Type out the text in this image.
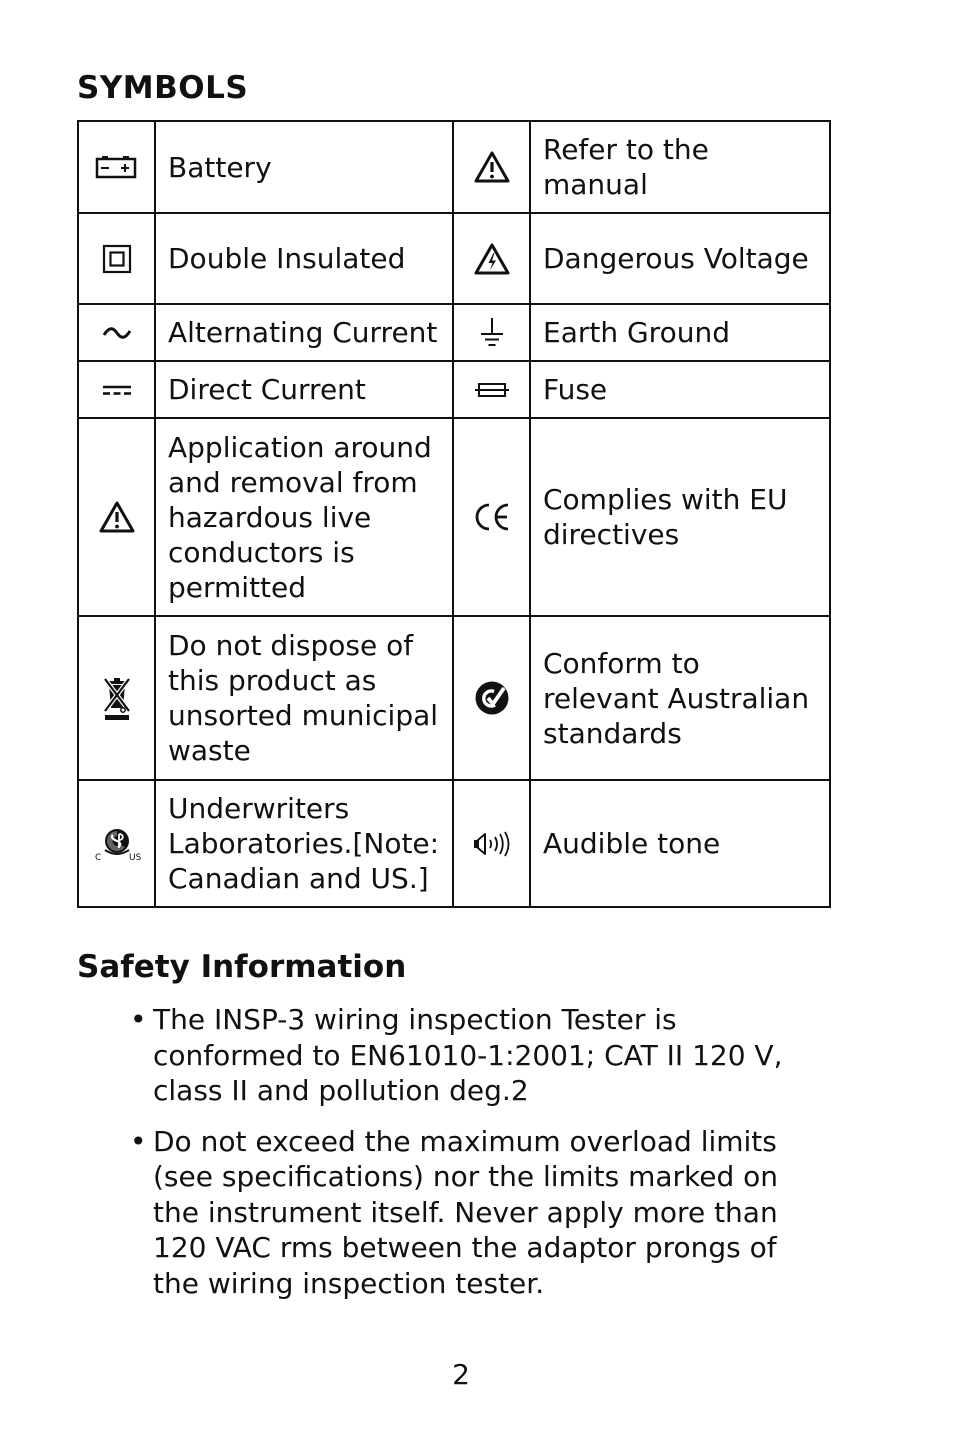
SYMBOLS
	Battery		Refer to the manual

	Double Insulated		Dangerous Voltage

	Alternating Current		Earth Ground

	Direct Current		Fuse

	Application around and removal from hazardous live conductors is permitted		Complies with EU directives

	Do not dispose of this product as unsorted municipal waste		Conform to relevant Australian standards

C US	Underwriters Laboratories.[Note: Canadian and US.]		Audible tone
Safety Information
• The INSP-3 wiring inspection Tester is conformed to EN61010-1:2001; CAT II 120 V, class II and pollution deg.2
• Do not exceed the maximum overload limits (see specifications) nor the limits marked on the instrument itself. Never apply more than 120 VAC rms between the adaptor prongs of the wiring inspection tester.
2
